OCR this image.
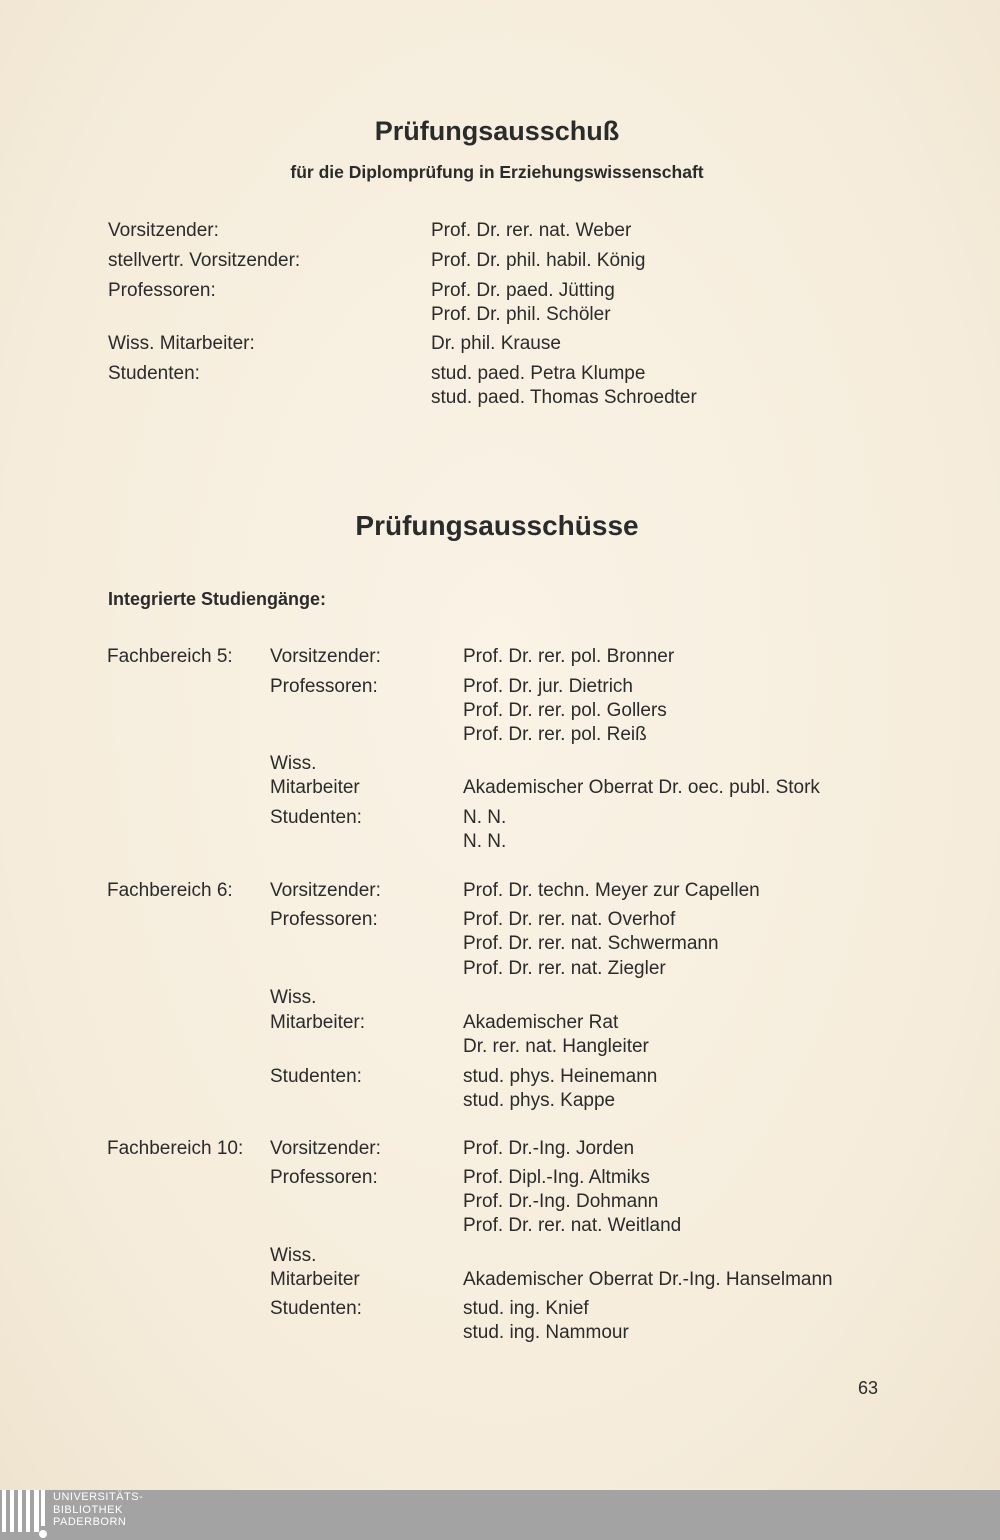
Prüfungsausschuß
für die Diplomprüfung in Erziehungswissenschaft
Vorsitzender:	Prof. Dr. rer. nat. Weber
stellvertr. Vorsitzender:	Prof. Dr. phil. habil. König
Professoren:	Prof. Dr. paed. Jütting
Prof. Dr. phil. Schöler
Wiss. Mitarbeiter:	Dr. phil. Krause
Studenten:	stud. paed. Petra Klumpe
stud. paed. Thomas Schroedter
Prüfungsausschüsse
Integrierte Studiengänge:
Fachbereich 5: Vorsitzender:	Prof. Dr. rer. pol. Bronner
Professoren:	Prof. Dr. jur. Dietrich
Prof. Dr. rer. pol. Gollers
Prof. Dr. rer. pol. Reiß
Wiss.
Mitarbeiter	Akademischer Oberrat Dr. oec. publ. Stork
Studenten:	N. N.
N. N.
Fachbereich 6: Vorsitzender:	Prof. Dr. techn. Meyer zur Capellen
Professoren:	Prof. Dr. rer. nat. Overhof
Prof. Dr. rer. nat. Schwermann
Prof. Dr. rer. nat. Ziegler
Wiss.
Mitarbeiter:	Akademischer Rat
Dr. rer. nat. Hangleiter
Studenten:	stud. phys. Heinemann
stud. phys. Kappe
Fachbereich 10: Vorsitzender:	Prof. Dr.-Ing. Jorden
Professoren:	Prof. Dipl.-Ing. Altmiks
Prof. Dr.-Ing. Dohmann
Prof. Dr. rer. nat. Weitland
Wiss.
Mitarbeiter	Akademischer Oberrat Dr.-Ing. Hanselmann
Studenten:	stud. ing. Knief
stud. ing. Nammour
63
UNIVERSITÄTS-
BIBLIOTHEK
PADERBORN
